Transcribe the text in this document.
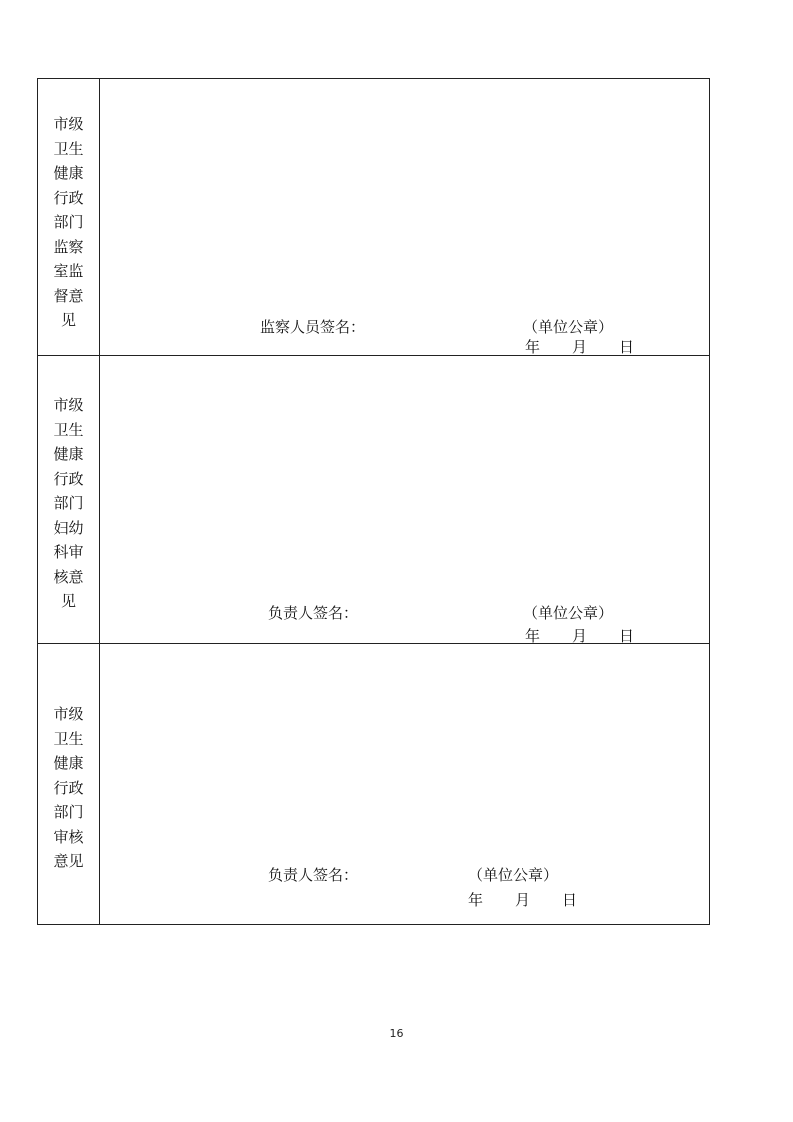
市级卫生健康行政部门监察室监督意见	监察人员签名：	（单位公章）
年 月 日
市级卫生健康行政部门妇幼科审核意见
负责人签名：	（单位公章）
年 月 日
市级卫生健康行政部门审核意见
负责人签名：	（单位公章）
年 月 日
16
